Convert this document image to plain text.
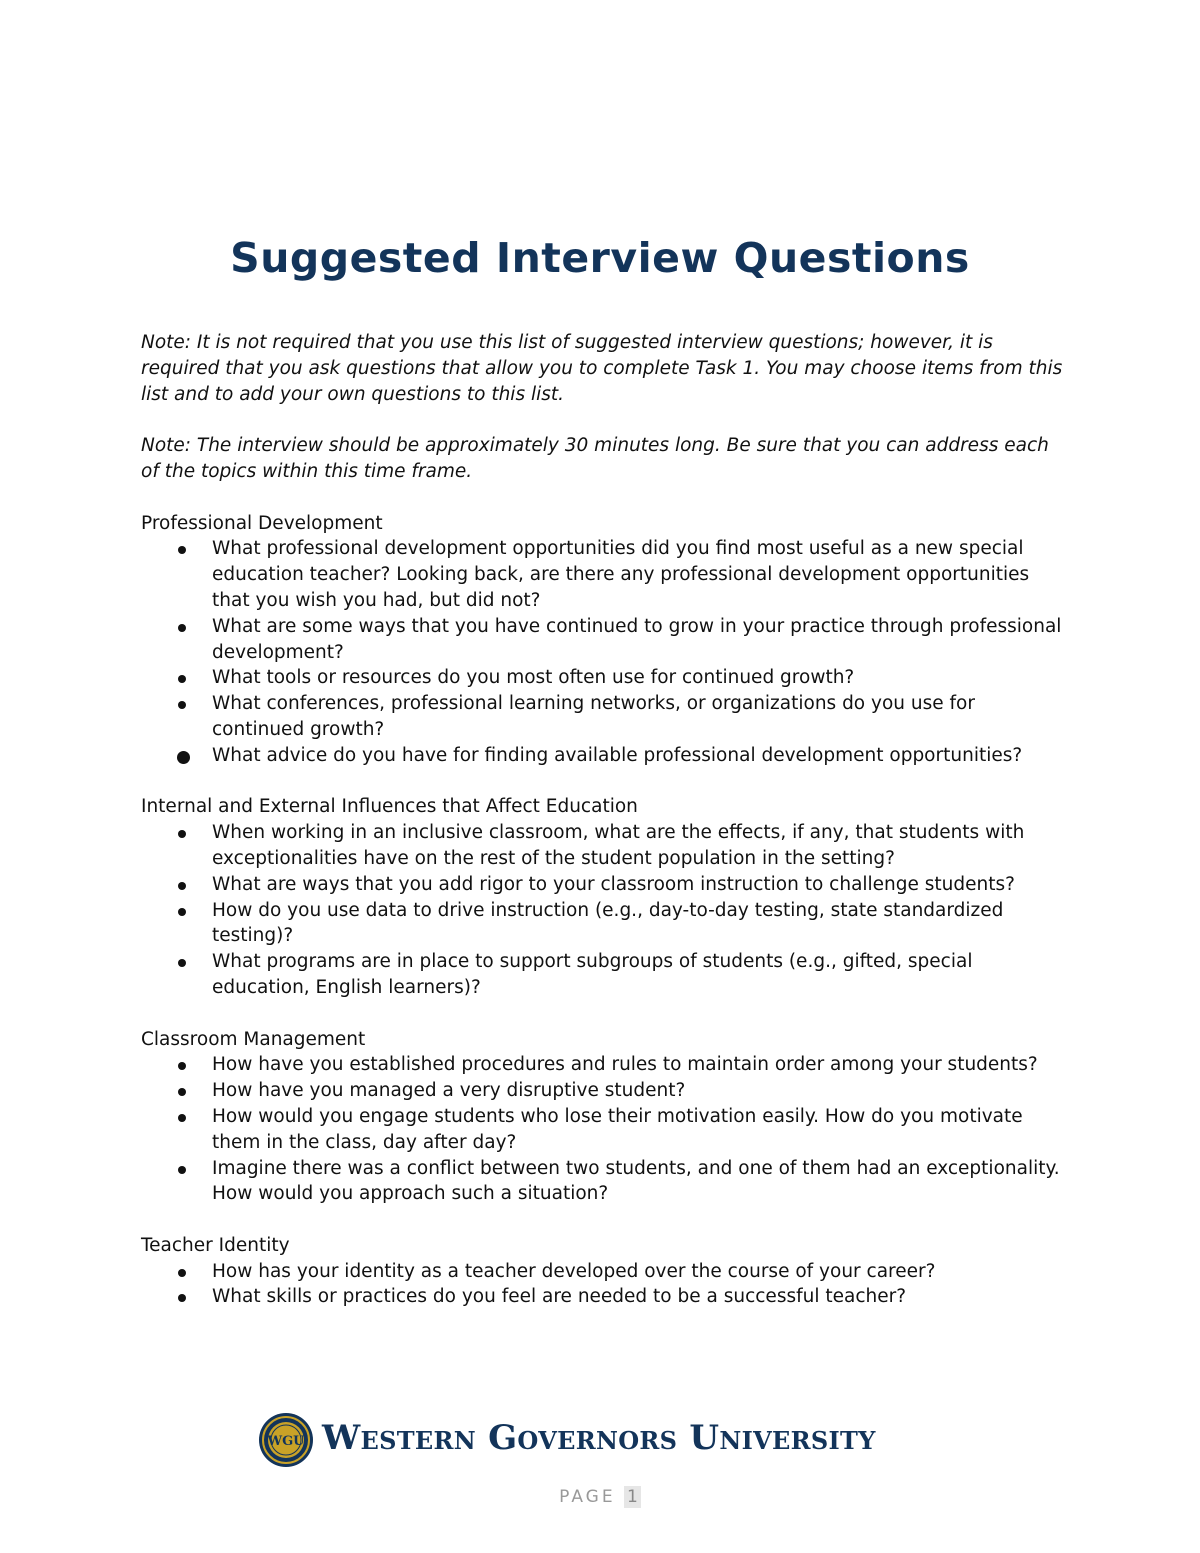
Suggested Interview Questions

Note: It is not required that you use this list of suggested interview questions; however, it is required that you ask questions that allow you to complete Task 1. You may choose items from this list and to add your own questions to this list.

Note: The interview should be approximately 30 minutes long. Be sure that you can address each of the topics within this time frame.

Professional Development

What professional development opportunities did you find most useful as a new special education teacher? Looking back, are there any professional development opportunities that you wish you had, but did not?
What are some ways that you have continued to grow in your practice through professional development?
What tools or resources do you most often use for continued growth?
What conferences, professional learning networks, or organizations do you use for continued growth?
What advice do you have for finding available professional development opportunities?

Internal and External Influences that Affect Education

When working in an inclusive classroom, what are the effects, if any, that students with exceptionalities have on the rest of the student population in the setting?
What are ways that you add rigor to your classroom instruction to challenge students?
How do you use data to drive instruction (e.g., day-to-day testing, state standardized testing)?
What programs are in place to support subgroups of students (e.g., gifted, special education, English learners)?

Classroom Management

How have you established procedures and rules to maintain order among your students?
How have you managed a very disruptive student?
How would you engage students who lose their motivation easily. How do you motivate them in the class, day after day?
Imagine there was a conflict between two students, and one of them had an exceptionality. How would you approach such a situation?

Teacher Identity

How has your identity as a teacher developed over the course of your career?
What skills or practices do you feel are needed to be a successful teacher?
WGU Western Governors University
PAGE 1
